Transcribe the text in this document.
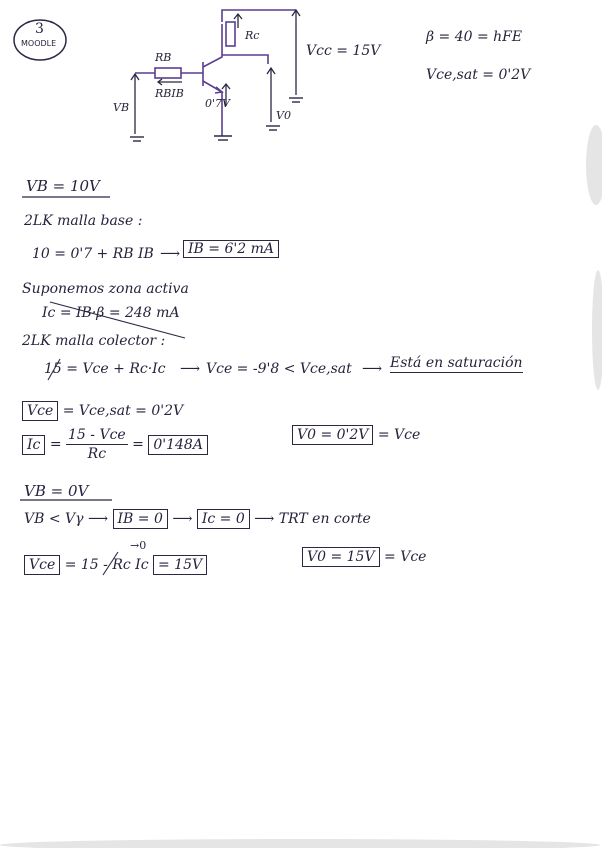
3
MOODLE
RB
RBIB
0'7V
VB
Rc
V0
Vcc = 15V
β = 40 = hFE
Vce,sat = 0'2V
VB = 10V
2LK malla base :
10 = 0'7 + RB IB ⟶ IB = 6'2 mA
Suponemos zona activa
Ic = IB·β = 248 mA
2LK malla colector :
15 = Vce + Rc·Ic ⟶ Vce = -9'8 < Vce,sat ⟶ Está en saturación
Vce = Vce,sat = 0'2V
$Ic = \frac{\text{15 - Vce}}{Rc} = 0'148A$
V0 = 0'2V = Vce
VB = 0V
VB < Vγ ⟶ IB = 0 ⟶ Ic = 0 ⟶ TRT en corte
→0
Vce = 15 - Rc Ic = 15V	V0 = 15V = Vce
